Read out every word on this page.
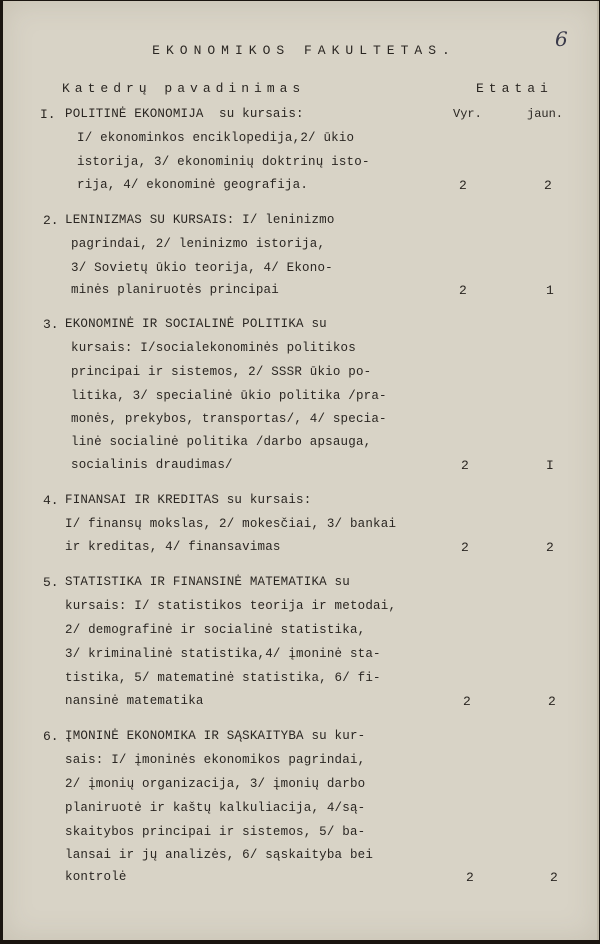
6
EKONOMIKOS FAKULTETAS.
Katedrų pavadinimas	Etatai
Vyr.	jaun.
I. POLITINĖ EKONOMIJA  su kursais:
I/ ekonominkos enciklopedija,2/ ūkio
istorija, 3/ ekonominių doktrinų isto-
rija, 4/ ekonominė geografija.	2	2
2. LENINIZMAS SU KURSAIS: I/ leninizmo
pagrindai, 2/ leninizmo istorija,
3/ Sovietų ūkio teorija, 4/ Ekono-
minės planiruotės principai	2	1
3. EKONOMINĖ IR SOCIALINĖ POLITIKA su
kursais: I/socialekonominės politikos
principai ir sistemos, 2/ SSSR ūkio po-
litika, 3/ specialinė ūkio politika /pra-
monės, prekybos, transportas/, 4/ specia-
linė socialinė politika /darbo apsauga,
socialinis draudimas/	2	I
4. FINANSAI IR KREDITAS su kursais:
I/ finansų mokslas, 2/ mokesčiai, 3/ bankai
ir kreditas, 4/ finansavimas	2	2
5. STATISTIKA IR FINANSINĖ MATEMATIKA su
kursais: I/ statistikos teorija ir metodai,
2/ demografinė ir socialinė statistika,
3/ kriminalinė statistika,4/ įmoninė sta-
tistika, 5/ matematinė statistika, 6/ fi-
nansinė matematika	2	2
6. ĮMONINĖ EKONOMIKA IR SĄSKAITYBA su kur-
sais: I/ įmoninės ekonomikos pagrindai,
2/ įmonių organizacija, 3/ įmonių darbo
planiruotė ir kaštų kalkuliacija, 4/są-
skaitybos principai ir sistemos, 5/ ba-
lansai ir jų analizės, 6/ sąskaityba bei
kontrolė	2	2
